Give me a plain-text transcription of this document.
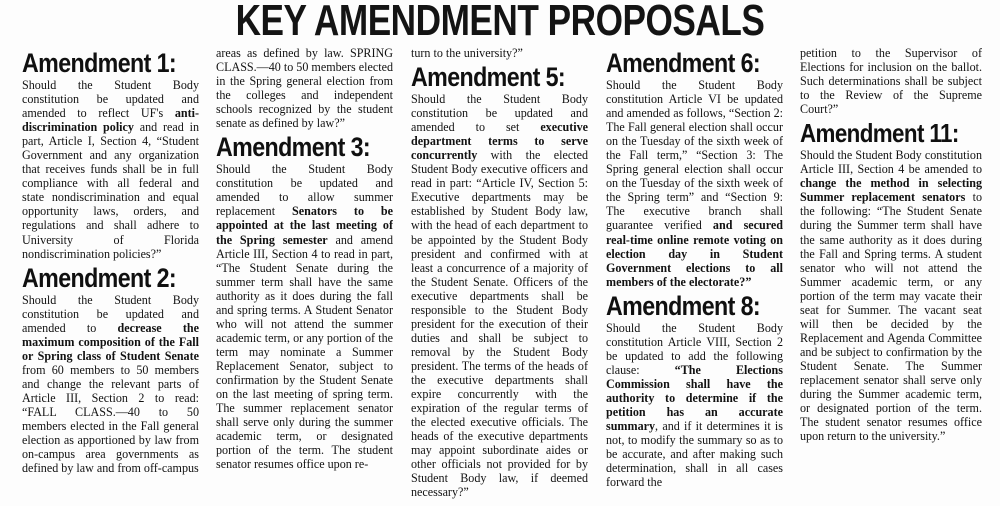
KEY AMENDMENT PROPOSALS
Amendment 1:

Should the Student Body constitution be updated and amended to reflect UF's anti-discrimination policy and read in part, Article I, Section 4, “Student Government and any organization that receives funds shall be in full compliance with all federal and state nondiscrimination and equal opportunity laws, orders, and regulations and shall adhere to University of Florida nondiscrimination policies?”

Amendment 2:

Should the Student Body constitution be updated and amended to decrease the maximum composition of the Fall or Spring class of Student Senate from 60 members to 50 members and change the relevant parts of Article III, Section 2 to read: “FALL CLASS.—40 to 50 members elected in the Fall general election as apportioned by law from on-campus area governments as defined by law and from off-campus

areas as defined by law. SPRING CLASS.—40 to 50 members elected in the Spring general election from the colleges and independent schools recognized by the student senate as defined by law?”

Amendment 3:

Should the Student Body constitution be updated and amended to allow summer replacement Senators to be appointed at the last meeting of the Spring semester and amend Article III, Section 4 to read in part, “The Student Senate during the summer term shall have the same authority as it does during the fall and spring terms. A Student Senator who will not attend the summer academic term, or any portion of the term may nominate a Summer Replacement Senator, subject to confirmation by the Student Senate on the last meeting of spring term. The summer replacement senator shall serve only during the summer academic term, or designated portion of the term. The student senator resumes office upon re-

turn to the university?”

Amendment 5:

Should the Student Body constitution be updated and amended to set executive department terms to serve concurrently with the elected Student Body executive officers and read in part: “Article IV, Section 5: Executive departments may be established by Student Body law, with the head of each department to be appointed by the Student Body president and confirmed with at least a concurrence of a majority of the Student Senate. Officers of the executive departments shall be responsible to the Student Body president for the execution of their duties and shall be subject to removal by the Student Body president. The terms of the heads of the executive departments shall expire concurrently with the expiration of the regular terms of the elected executive officials. The heads of the executive departments may appoint subordinate aides or other officials not provided for by Student Body law, if deemed necessary?”

Amendment 6:

Should the Student Body constitution Article VI be updated and amended as follows, “Section 2: The Fall general election shall occur on the Tuesday of the sixth week of the Fall term,” “Section 3: The Spring general election shall occur on the Tuesday of the sixth week of the Spring term” and “Section 9: The executive branch shall guarantee verified and secured real-time online remote voting on election day in Student Government elections to all members of the electorate?”

Amendment 8:

Should the Student Body constitution Article VIII, Section 2 be updated to add the following clause: “The Elections Commission shall have the authority to determine if the petition has an accurate summary, and if it determines it is not, to modify the summary so as to be accurate, and after making such determination, shall in all cases forward the

petition to the Supervisor of Elections for inclusion on the ballot. Such determinations shall be subject to the Review of the Supreme Court?”

Amendment 11:

Should the Student Body constitution Article III, Section 4 be amended to change the method in selecting Summer replacement senators to the following: “The Student Senate during the Summer term shall have the same authority as it does during the Fall and Spring terms. A student senator who will not attend the Summer academic term, or any portion of the term may vacate their seat for Summer. The vacant seat will then be decided by the Replacement and Agenda Committee and be subject to confirmation by the Student Senate. The Summer replacement senator shall serve only during the Summer academic term, or designated portion of the term. The student senator resumes office upon return to the university.”
